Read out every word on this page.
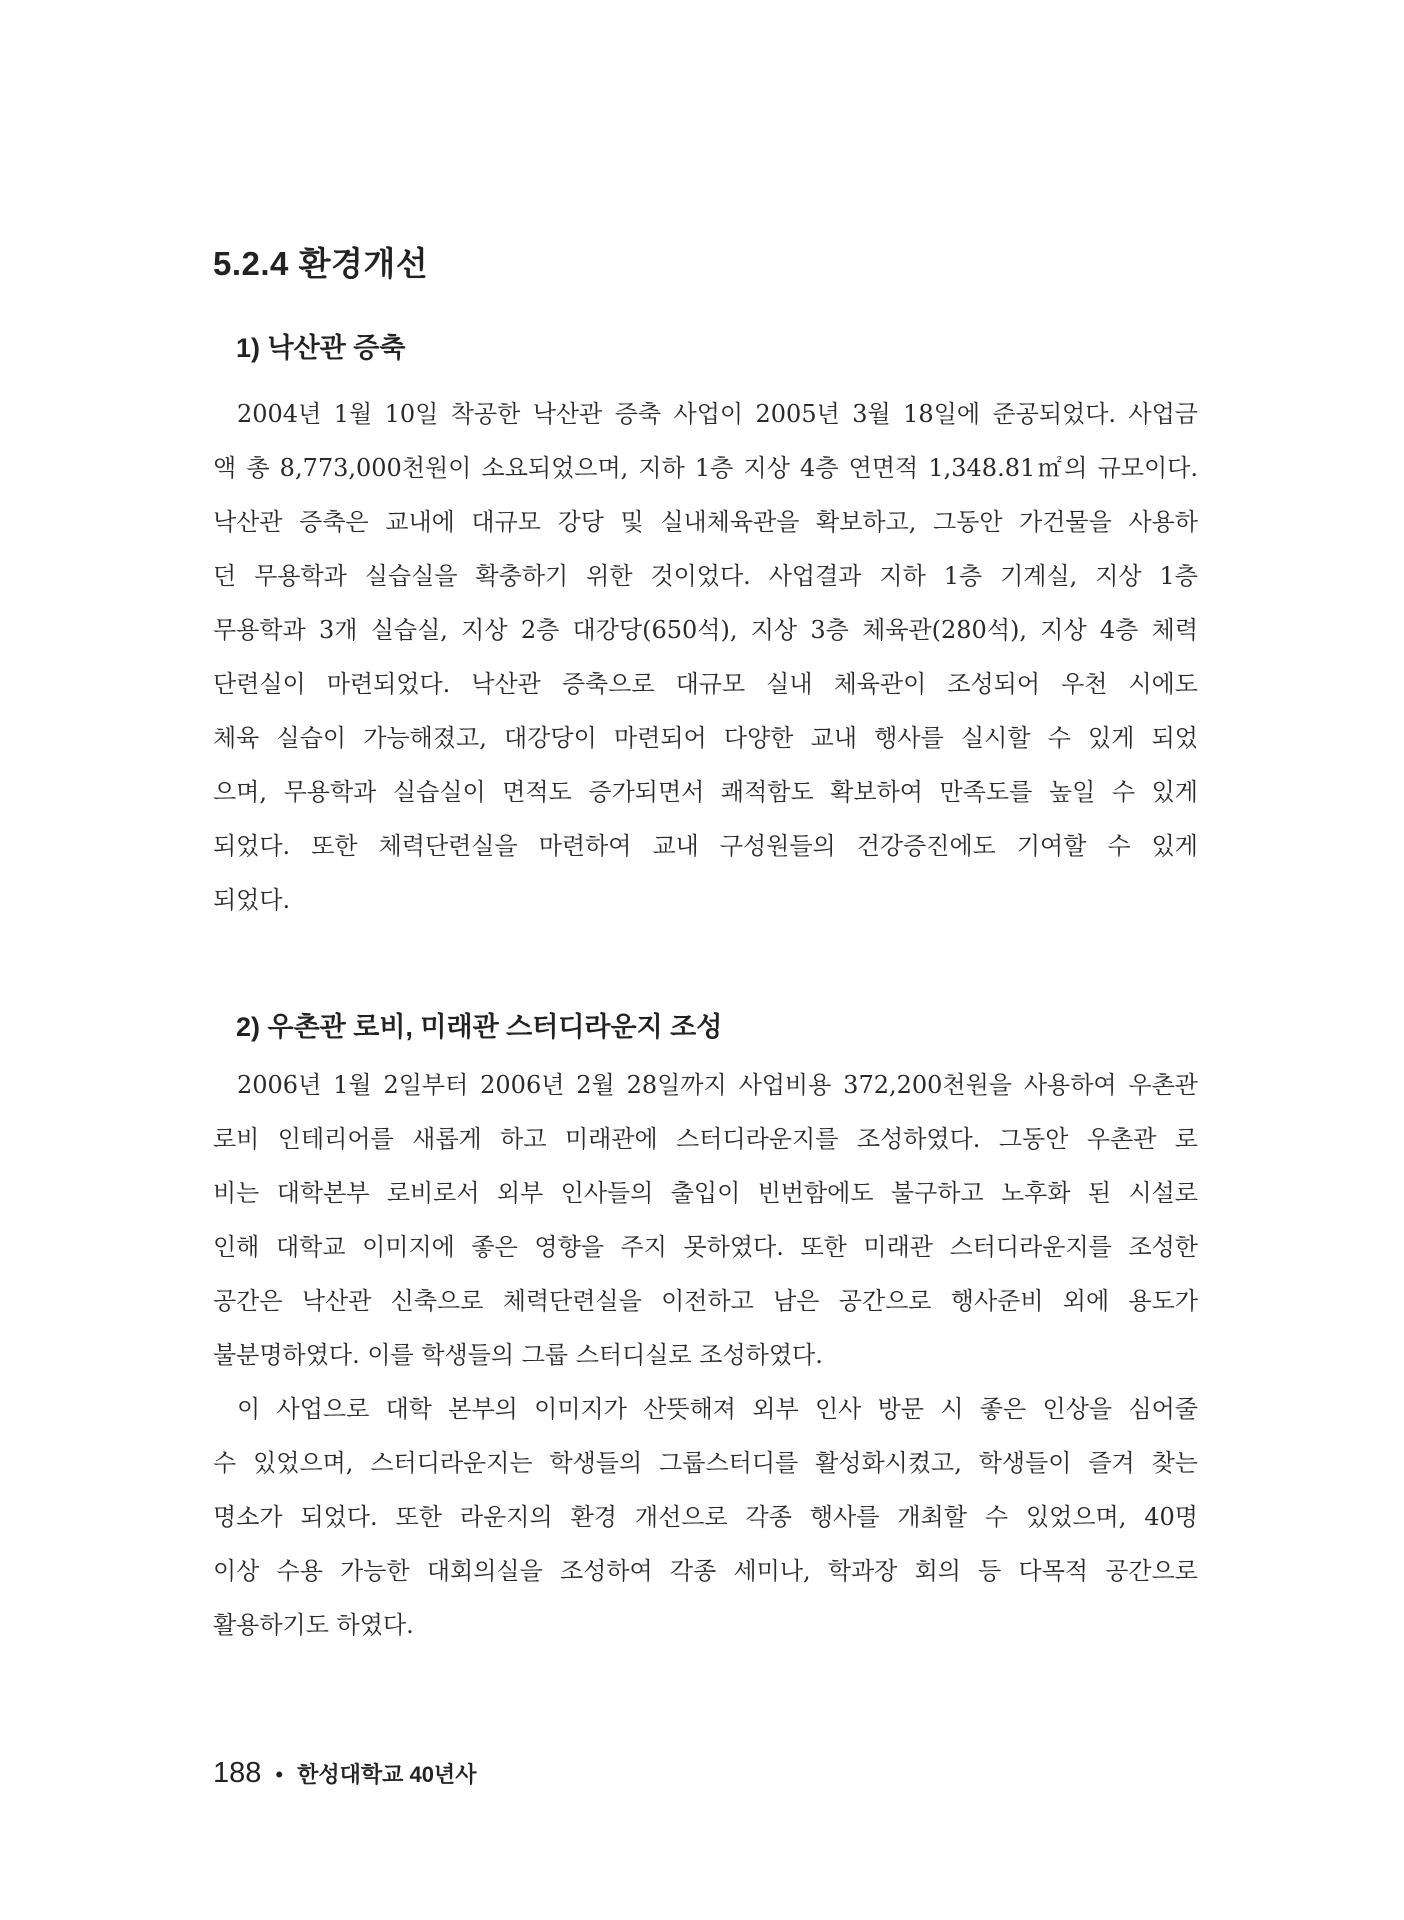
5.2.4 환경개선
1) 낙산관 증축
2004년 1월 10일 착공한 낙산관 증축 사업이 2005년 3월 18일에 준공되었다. 사업금
액 총 8,773,000천원이 소요되었으며, 지하 1층 지상 4층 연면적 1,348.81㎡의 규모이다.
낙산관 증축은 교내에 대규모 강당 및 실내체육관을 확보하고, 그동안 가건물을 사용하
던 무용학과 실습실을 확충하기 위한 것이었다. 사업결과 지하 1층 기계실, 지상 1층
무용학과 3개 실습실, 지상 2층 대강당(650석), 지상 3층 체육관(280석), 지상 4층 체력
단련실이 마련되었다. 낙산관 증축으로 대규모 실내 체육관이 조성되어 우천 시에도
체육 실습이 가능해졌고, 대강당이 마련되어 다양한 교내 행사를 실시할 수 있게 되었
으며, 무용학과 실습실이 면적도 증가되면서 쾌적함도 확보하여 만족도를 높일 수 있게
되었다. 또한 체력단련실을 마련하여 교내 구성원들의 건강증진에도 기여할 수 있게
되었다.
2) 우촌관 로비, 미래관 스터디라운지 조성
2006년 1월 2일부터 2006년 2월 28일까지 사업비용 372,200천원을 사용하여 우촌관
로비 인테리어를 새롭게 하고 미래관에 스터디라운지를 조성하였다. 그동안 우촌관 로
비는 대학본부 로비로서 외부 인사들의 출입이 빈번함에도 불구하고 노후화 된 시설로
인해 대학교 이미지에 좋은 영향을 주지 못하였다. 또한 미래관 스터디라운지를 조성한
공간은 낙산관 신축으로 체력단련실을 이전하고 남은 공간으로 행사준비 외에 용도가
불분명하였다. 이를 학생들의 그룹 스터디실로 조성하였다.
이 사업으로 대학 본부의 이미지가 산뜻해져 외부 인사 방문 시 좋은 인상을 심어줄
수 있었으며, 스터디라운지는 학생들의 그룹스터디를 활성화시켰고, 학생들이 즐겨 찾는
명소가 되었다. 또한 라운지의 환경 개선으로 각종 행사를 개최할 수 있었으며, 40명
이상 수용 가능한 대회의실을 조성하여 각종 세미나, 학과장 회의 등 다목적 공간으로
활용하기도 하였다.
188 • 한성대학교 40년사
